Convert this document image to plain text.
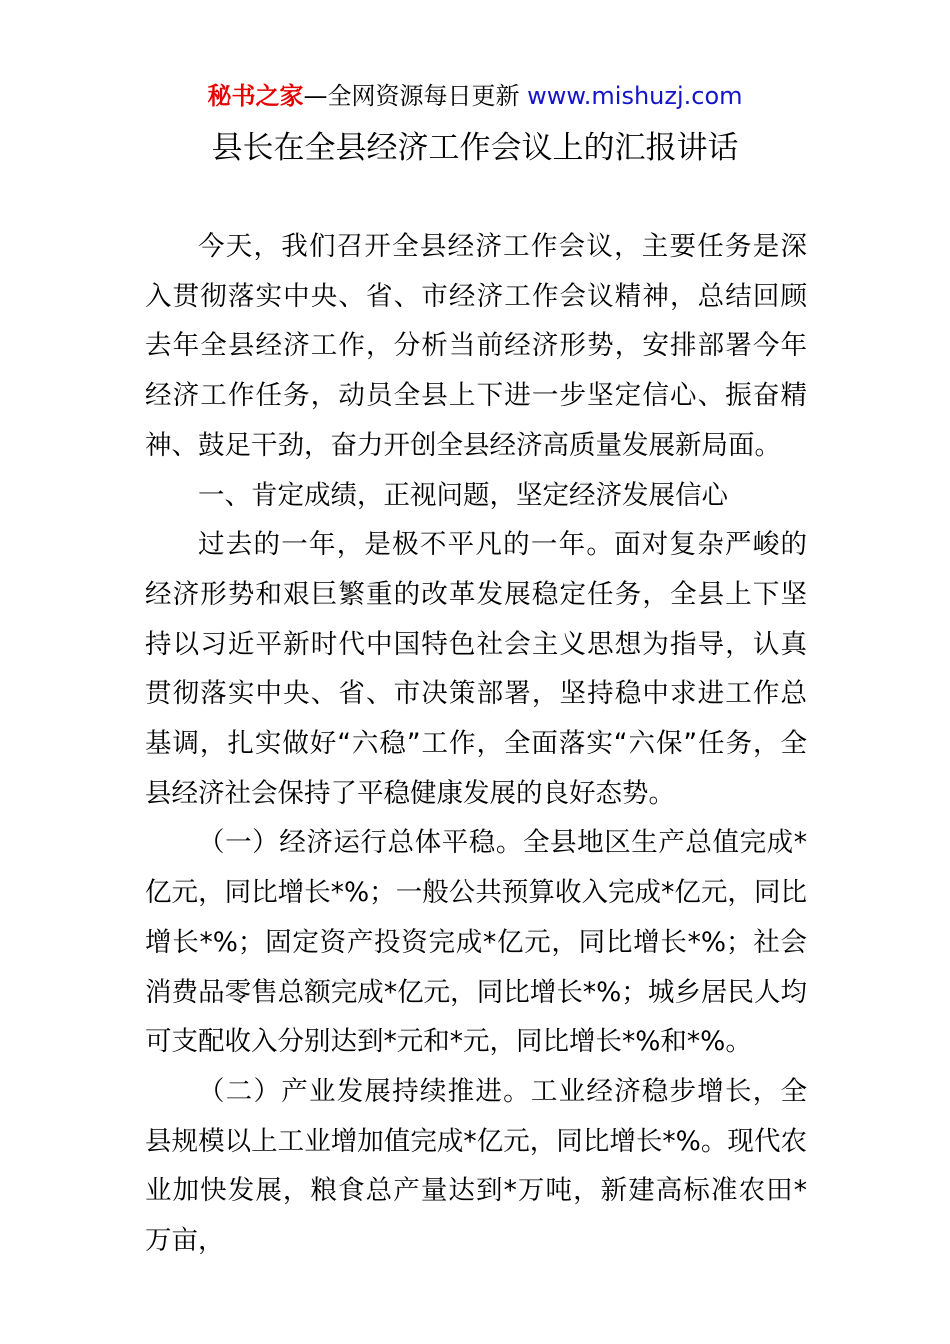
秘书之家—全网资源每日更新 www.mishuzj.com
县长在全县经济工作会议上的汇报讲话

今天，我们召开全县经济工作会议，主要任务是深入贯彻落实中央、省、市经济工作会议精神，总结回顾去年全县经济工作，分析当前经济形势，安排部署今年经济工作任务，动员全县上下进一步坚定信心、振奋精神、鼓足干劲，奋力开创全县经济高质量发展新局面。

一、肯定成绩，正视问题，坚定经济发展信心

过去的一年，是极不平凡的一年。面对复杂严峻的经济形势和艰巨繁重的改革发展稳定任务，全县上下坚持以习近平新时代中国特色社会主义思想为指导，认真贯彻落实中央、省、市决策部署，坚持稳中求进工作总基调，扎实做好“六稳”工作，全面落实“六保”任务，全县经济社会保持了平稳健康发展的良好态势。

（一）经济运行总体平稳。全县地区生产总值完成*亿元，同比增长*%；一般公共预算收入完成*亿元，同比增长*%；固定资产投资完成*亿元，同比增长*%；社会消费品零售总额完成*亿元，同比增长*%；城乡居民人均可支配收入分别达到*元和*元，同比增长*%和*%。

（二）产业发展持续推进。工业经济稳步增长，全县规模以上工业增加值完成*亿元，同比增长*%。现代农业加快发展，粮食总产量达到*万吨，新建高标准农田*万亩，
